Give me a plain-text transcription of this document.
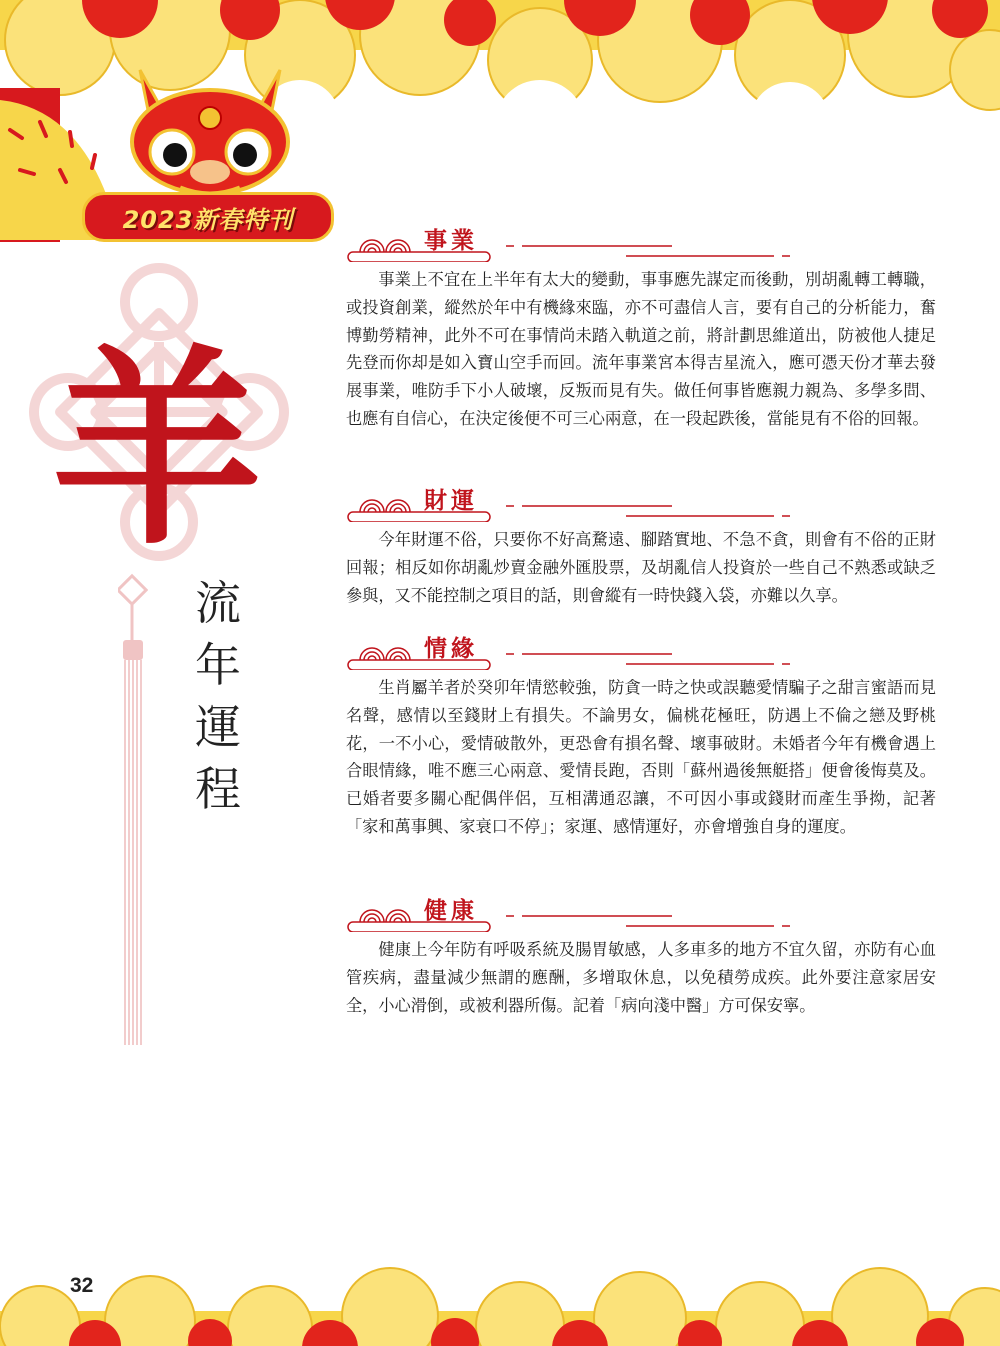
2023新春特刊
羊
流
年
運
程
事業
事業上不宜在上半年有太大的變動，事事應先謀定而後動，別胡亂轉工轉職，或投資創業，縱然於年中有機緣來臨，亦不可盡信人言，要有自己的分析能力，奮博勤勞精神，此外不可在事情尚未踏入軌道之前，將計劃思維道出，防被他人捷足先登而你却是如入寶山空手而回。流年事業宮本得吉星流入，應可憑天份才華去發展事業，唯防手下小人破壞，反叛而見有失。做任何事皆應親力親為、多學多問、也應有自信心，在決定後便不可三心兩意，在一段起跌後，當能見有不俗的回報。
財運
今年財運不俗，只要你不好高騖遠、腳踏實地、不急不貪，則會有不俗的正財回報；相反如你胡亂炒賣金融外匯股票，及胡亂信人投資於一些自己不熟悉或缺乏參與，又不能控制之項目的話，則會縱有一時快錢入袋，亦難以久享。
情緣
生肖屬羊者於癸卯年情慾較強，防貪一時之快或誤聽愛情騙子之甜言蜜語而見名聲，感情以至錢財上有損失。不論男女，偏桃花極旺，防遇上不倫之戀及野桃花，一不小心，愛情破散外，更恐會有損名聲、壞事破財。未婚者今年有機會遇上合眼情緣，唯不應三心兩意、愛情長跑，否則「蘇州過後無艇搭」便會後悔莫及。已婚者要多關心配偶伴侶，互相溝通忍讓，不可因小事或錢財而產生爭拗，記著「家和萬事興、家衰口不停」；家運、感情運好，亦會增強自身的運度。
健康
健康上今年防有呼吸系統及腸胃敏感，人多車多的地方不宜久留，亦防有心血管疾病，盡量減少無謂的應酬，多增取休息，以免積勞成疾。此外要注意家居安全，小心滑倒，或被利器所傷。記着「病向淺中醫」方可保安寧。
32
